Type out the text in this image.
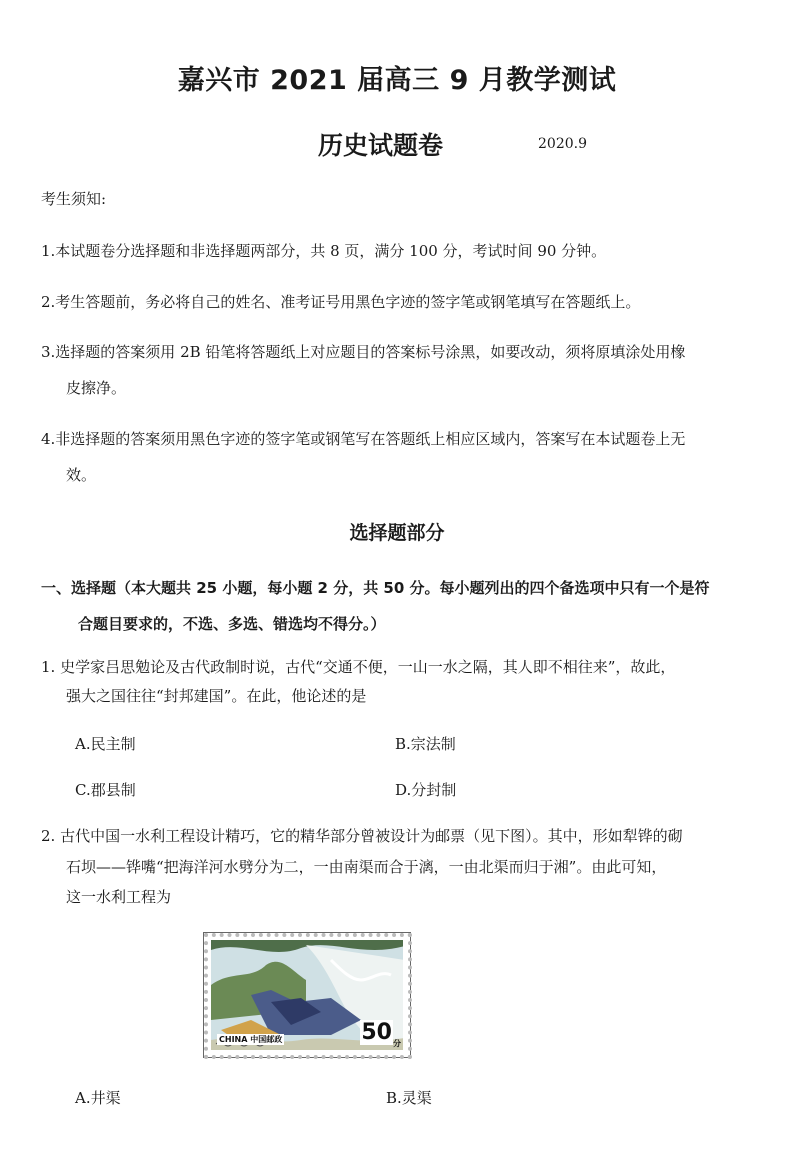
嘉兴市 2021 届高三 9 月教学测试
历史试题卷	2020.9
考生须知:
1.本试题卷分选择题和非选择题两部分，共 8 页，满分 100 分，考试时间 90 分钟。
2.考生答题前，务必将自己的姓名、准考证号用黑色字迹的签字笔或钢笔填写在答题纸上。
3.选择题的答案须用 2B 铅笔将答题纸上对应题目的答案标号涂黑，如要改动，须将原填涂处用橡
皮擦净。
4.非选择题的答案须用黑色字迹的签字笔或钢笔写在答题纸上相应区域内，答案写在本试题卷上无
效。
选择题部分
一、选择题（本大题共 25 小题，每小题 2 分，共 50 分。每小题列出的四个备选项中只有一个是符
合题目要求的，不选、多选、错选均不得分。）
1. 史学家吕思勉论及古代政制时说，古代“交通不便，一山一水之隔，其人即不相往来”，故此，
强大之国往往“封邦建国”。在此，他论述的是
A.民主制	B.宗法制
C.郡县制	D.分封制
2. 古代中国一水利工程设计精巧，它的精华部分曾被设计为邮票（见下图）。其中，形如犁铧的砌
石坝——铧嘴“把海洋河水劈分为二，一由南渠而合于漓，一由北渠而归于湘”。由此可知，
这一水利工程为
CHINA 中国邮政	50 分
A.井渠	B.灵渠
